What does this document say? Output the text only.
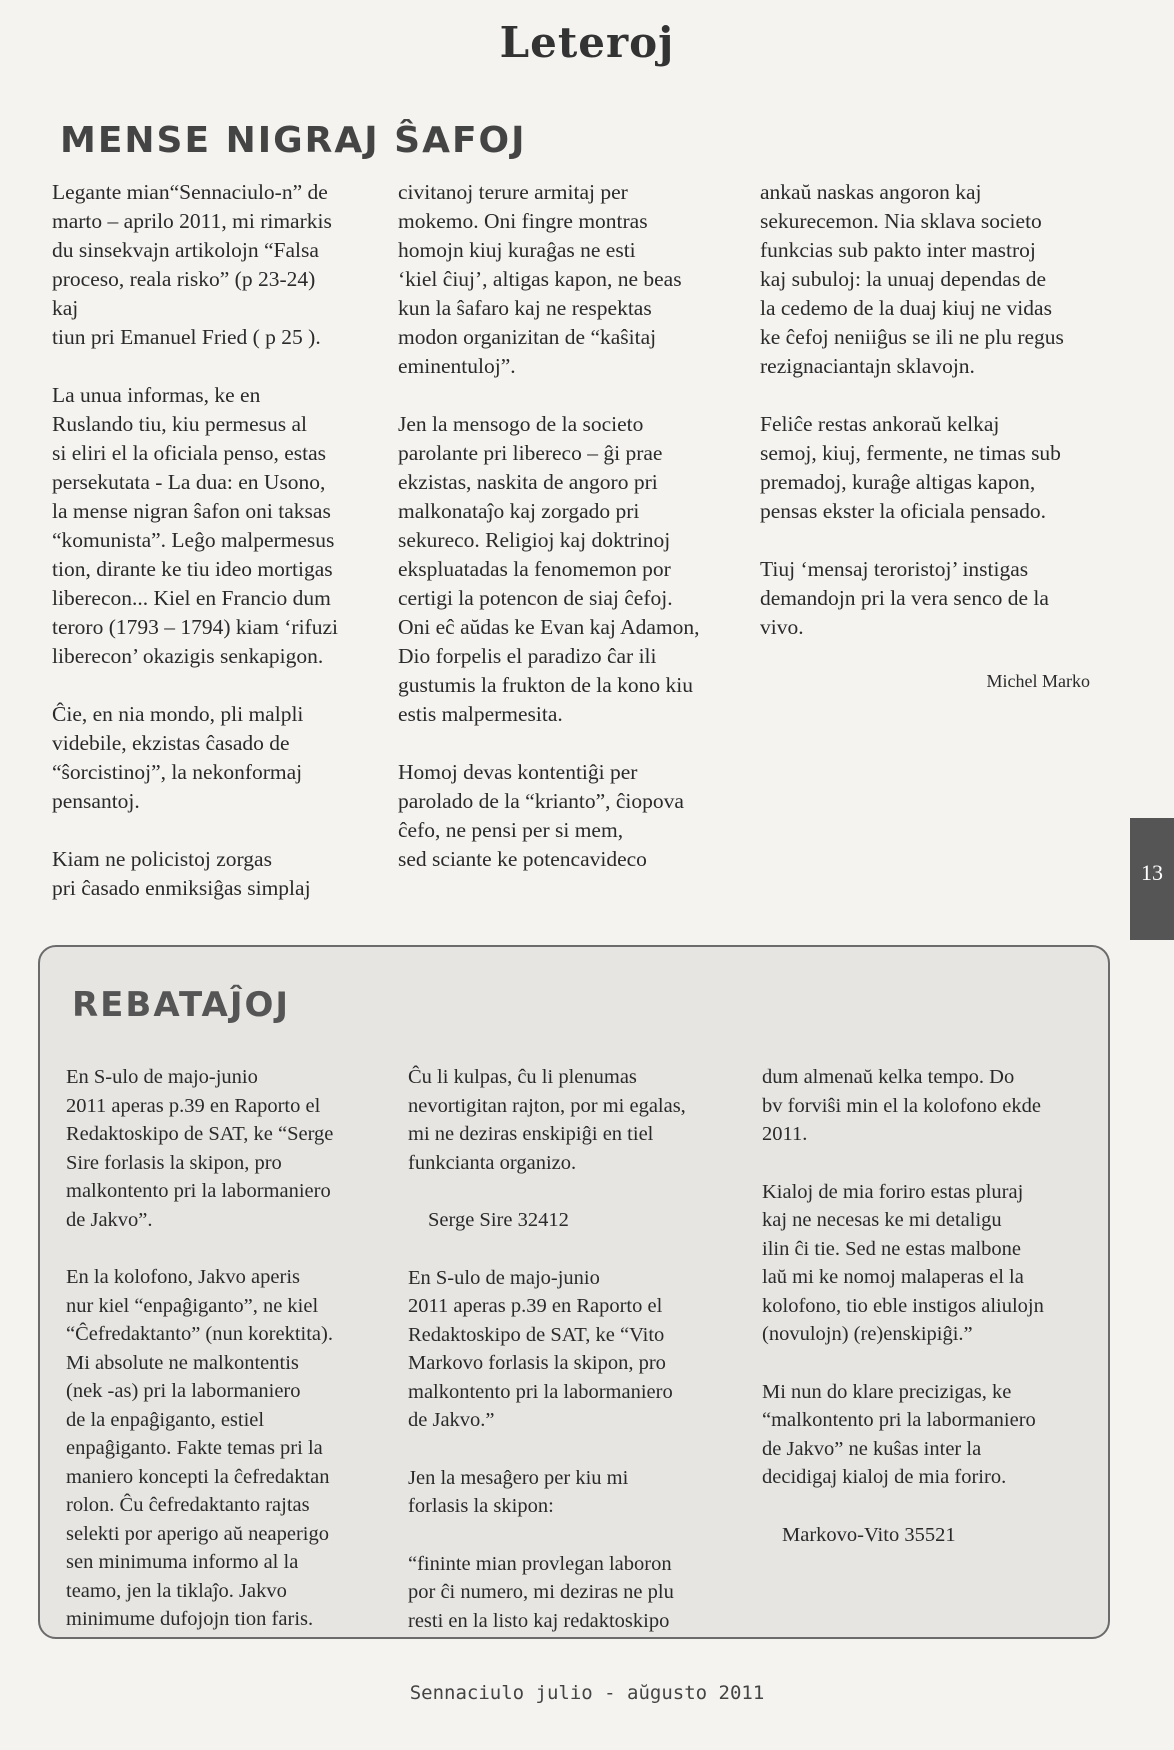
Leteroj
MENSE NIGRAJ ŜAFOJ

Legante mian“Sennaciulo-n” de
marto – aprilo 2011, mi rimarkis
du sinsekvajn artikolojn “Falsa
proceso, reala risko” (p 23-24) kaj
tiun pri Emanuel Fried ( p 25 ).

La unua informas, ke en
Ruslando tiu, kiu permesus al
si eliri el la oficiala penso, estas
persekutata - La dua: en Usono,
la mense nigran ŝafon oni taksas
“komunista”. Leĝo malpermesus
tion, dirante ke tiu ideo mortigas
liberecon... Kiel en Francio dum
teroro (1793 – 1794) kiam ‘rifuzi
liberecon’ okazigis senkapigon.

Ĉie, en nia mondo, pli malpli
videbile, ekzistas ĉasado de
“ŝorcistinoj”, la nekonformaj
pensantoj.

Kiam ne policistoj zorgas
pri ĉasado enmiksiĝas simplaj

civitanoj terure armitaj per
mokemo. Oni fingre montras
homojn kiuj kuraĝas ne esti
‘kiel ĉiuj’, altigas kapon, ne beas
kun la ŝafaro kaj ne respektas
modon organizitan de “kaŝitaj
eminentuloj”.

Jen la mensogo de la societo
parolante pri libereco – ĝi prae
ekzistas, naskita de angoro pri
malkonataĵo kaj zorgado pri
sekureco. Religioj kaj doktrinoj
ekspluatadas la fenomemon por
certigi la potencon de siaj ĉefoj.
Oni eĉ aŭdas ke Evan kaj Adamon,
Dio forpelis el paradizo ĉar ili
gustumis la frukton de la kono kiu
estis malpermesita.

Homoj devas kontentiĝi per
parolado de la “krianto”, ĉiopova
ĉefo, ne pensi per si mem,
sed sciante ke potencavideco

ankaŭ naskas angoron kaj
sekurecemon. Nia sklava societo
funkcias sub pakto inter mastroj
kaj subuloj: la unuaj dependas de
la cedemo de la duaj kiuj ne vidas
ke ĉefoj neniiĝus se ili ne plu regus
rezignaciantajn sklavojn.

Feliĉe restas ankoraŭ kelkaj
semoj, kiuj, fermente, ne timas sub
premadoj, kuraĝe altigas kapon,
pensas ekster la oficiala pensado.

Tiuj ‘mensaj teroristoj’ instigas
demandojn pri la vera senco de la
vivo.

Michel Marko
13
REBATAĴOJ

En S-ulo de majo-junio
2011 aperas p.39 en Raporto el
Redaktoskipo de SAT, ke “Serge
Sire forlasis la skipon, pro
malkontento pri la labormaniero
de Jakvo”.

En la kolofono, Jakvo aperis
nur kiel “enpaĝiganto”, ne kiel
“Ĉefredaktanto” (nun korektita).
Mi absolute ne malkontentis
(nek -as) pri la labormaniero
de la enpaĝiganto, estiel
enpaĝiganto. Fakte temas pri la
maniero koncepti la ĉefredaktan
rolon. Ĉu ĉefredaktanto rajtas
selekti por aperigo aŭ neaperigo
sen minimuma informo al la
teamo, jen la tiklaĵo. Jakvo
minimume dufojojn tion faris.

Ĉu li kulpas, ĉu li plenumas
nevortigitan rajton, por mi egalas,
mi ne deziras enskipiĝi en tiel
funkcianta organizo.

Serge Sire 32412

En S-ulo de majo-junio
2011 aperas p.39 en Raporto el
Redaktoskipo de SAT, ke “Vito
Markovo forlasis la skipon, pro
malkontento pri la labormaniero
de Jakvo.”

Jen la mesaĝero per kiu mi
forlasis la skipon:

“fininte mian provlegan laboron
por ĉi numero, mi deziras ne plu
resti en la listo kaj redaktoskipo

dum almenaŭ kelka tempo. Do
bv forviŝi min el la kolofono ekde
2011.

Kialoj de mia foriro estas pluraj
kaj ne necesas ke mi detaligu
ilin ĉi tie. Sed ne estas malbone
laŭ mi ke nomoj malaperas el la
kolofono, tio eble instigos aliulojn
(novulojn) (re)enskipiĝi.”

Mi nun do klare precizigas, ke
“malkontento pri la labormaniero
de Jakvo” ne kuŝas inter la
decidigaj kialoj de mia foriro.

Markovo-Vito 35521

Sennaciulo julio - aŭgusto 2011
